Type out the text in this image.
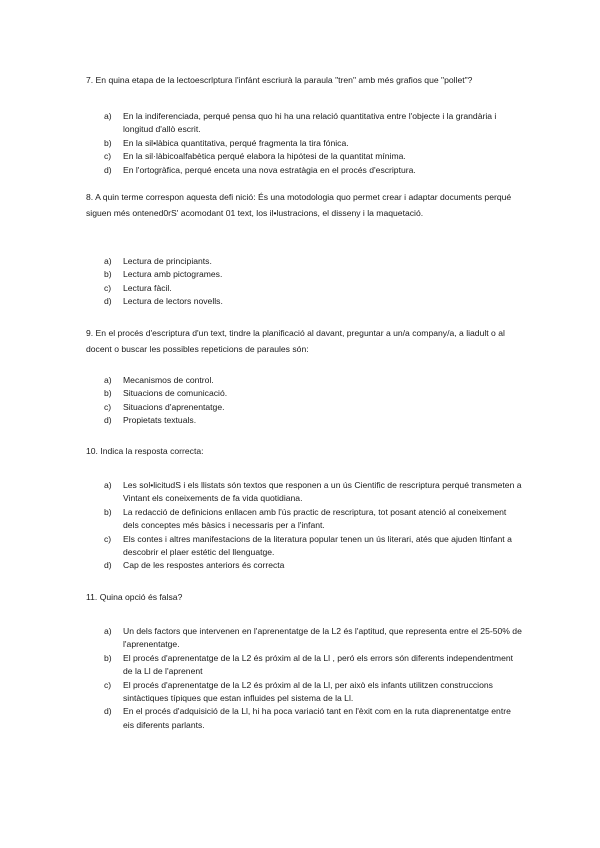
7. En quina etapa de la lectoescrlptura l'infánt escriurà la paraula "tren" amb més grafios que "pollet"?
a) En la indiferenciada, perqué pensa quo hi ha una relació quantitativa entre l'objecte i la grandària i longitud d'allò escrit.
b) En la sil•làbica quantitativa, perqué fragmenta la tira fónica.
c) En la sil·làbicoalfabètica perqué elabora la hipótesi de la quantitat mínima.
d) En l'ortogràfica, perqué enceta una nova estratàgia en el procés d'escriptura.
8. A quin terme correspon aquesta defi nició: És una motodologia quo permet crear i adaptar documents perqué siguen més ontened0rS' acomodant 01 text, los il•lustracions, el disseny i la maquetació.
a) Lectura de principiants.
b) Lectura amb pictogrames.
c) Lectura fàcil.
d) Lectura de lectors novells.
9. En el procés d'escriptura d'un text, tindre la planificació al davant, preguntar a un/a company/a, a liadult o al docent o buscar les possibles repeticions de paraules són:
a) Mecanismos de control.
b) Situacions de comunicació.
c) Situacions d'aprenentatge.
d) Propietats textuals.
10. Indica la resposta correcta:
a) Les sol•licitudS i els llistats són textos que responen a un ús Cientific de rescriptura perqué transmeten a Vintant els coneixements de fa vida quotidiana.
b) La redacció de definicions enllacen amb l'ús practic de rescriptura, tot posant atenció al coneixement dels conceptes més bàsics i necessaris per a l'infant.
c) Els contes i altres manifestacions de la literatura popular tenen un ús literari, atés que ajuden ltinfant a descobrir el plaer estétic del llenguatge.
d) Cap de les respostes anteriors és correcta
11. Quina opció és falsa?
a) Un dels factors que intervenen en l'aprenentatge de la L2 és l'aptitud, que representa entre el 25-50% de l'aprenentatge.
b) El procés d'aprenentatge de la L2 és próxim al de la Ll , peró els errors són diferents independentment de la Ll de l'aprenent
c) El procés d'aprenentatge de la L2 és próxim al de la Ll, per això els infants utilitzen construccions sintàctiques típiques que estan influides pel sistema de la Ll.
d) En el procés d'adquisició de la Ll, hi ha poca variació tant en l'èxit com en la ruta diaprenentatge entre eis diferents parlants.
